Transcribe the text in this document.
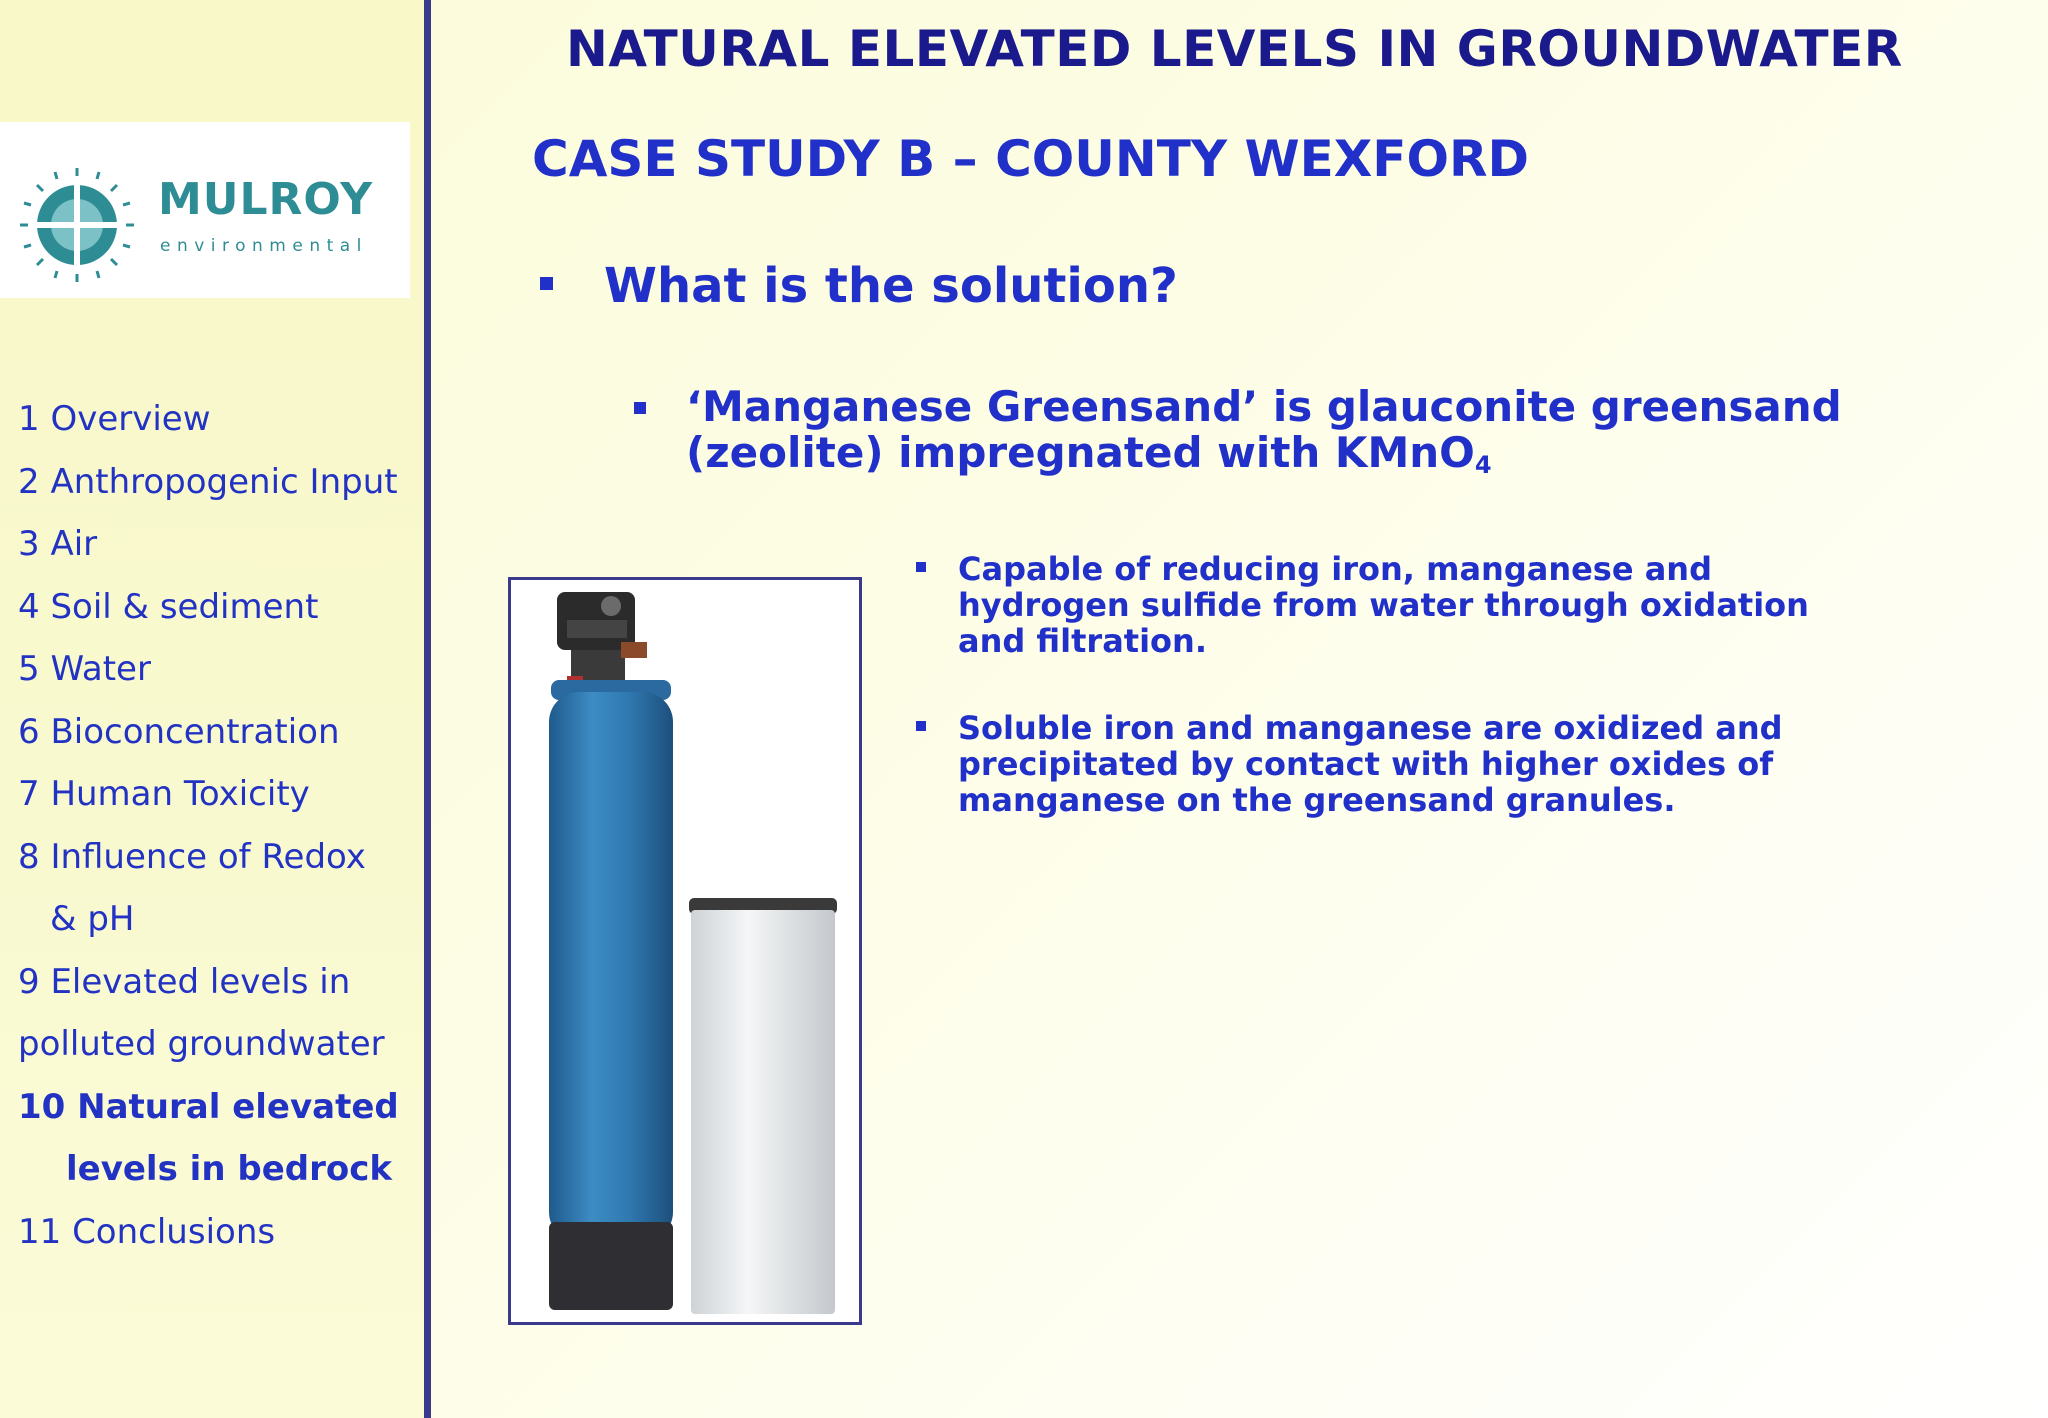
MULROY
environmental
1 Overview
2 Anthropogenic Input
3 Air
4 Soil & sediment
5 Water
6 Bioconcentration
7 Human Toxicity
8 Influence of Redox
& pH
9 Elevated levels in
polluted groundwater
10 Natural elevated
levels in bedrock
11 Conclusions
NATURAL ELEVATED LEVELS IN GROUNDWATER
CASE STUDY B – COUNTY WEXFORD
What is the solution?
‘Manganese Greensand’ is glauconite greensand
(zeolite) impregnated with KMnO$_4$
Capable of reducing iron, manganese and hydrogen sulfide from water through oxidation and filtration.
Soluble iron and manganese are oxidized and precipitated by contact with higher oxides of manganese on the greensand granules.
